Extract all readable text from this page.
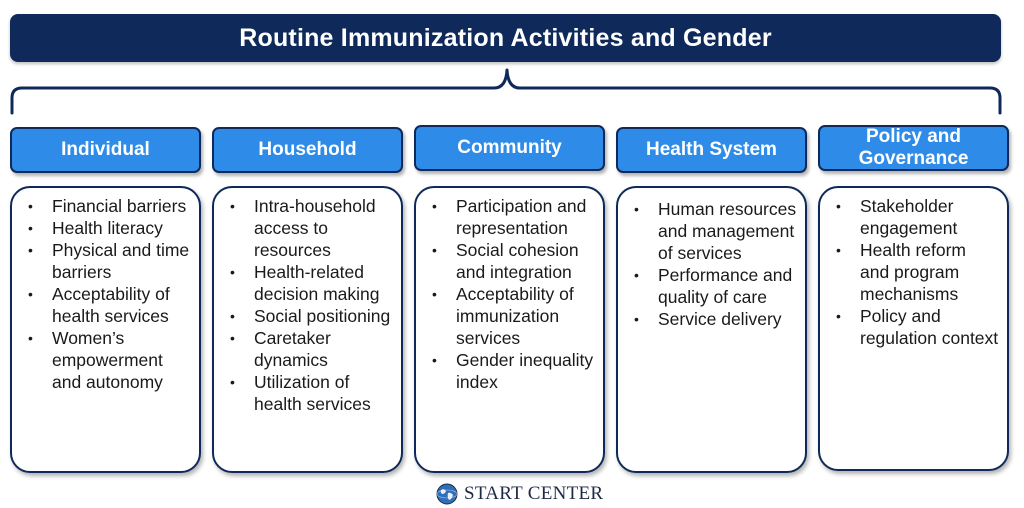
Routine Immunization Activities and Gender
Individual
• Financial barriers
• Health literacy
• Physical and time barriers
• Acceptability of health services
• Women’s empowerment and autonomy
Household
• Intra-household access to resources
• Health-related decision making
• Social positioning
• Caretaker dynamics
• Utilization of health services
Community
• Participation and representation
• Social cohesion and integration
• Acceptability of immunization services
• Gender inequality index
Health System
• Human resources and management of services
• Performance and quality of care
• Service delivery
Policy and Governance
• Stakeholder engagement
• Health reform and program mechanisms
• Policy and regulation context
START CENTER
